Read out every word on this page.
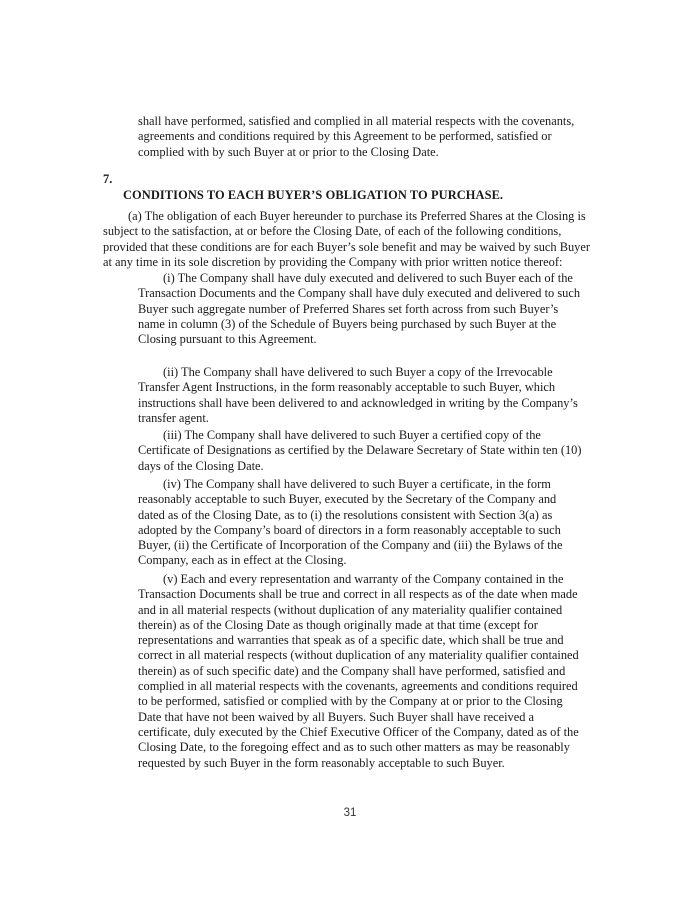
shall have performed, satisfied and complied in all material respects with the covenants, agreements and conditions required by this Agreement to be performed, satisfied or complied with by such Buyer at or prior to the Closing Date.

7.
CONDITIONS TO EACH BUYER’S OBLIGATION TO PURCHASE.

(a) The obligation of each Buyer hereunder to purchase its Preferred Shares at the Closing is subject to the satisfaction, at or before the Closing Date, of each of the following conditions, provided that these conditions are for each Buyer’s sole benefit and may be waived by such Buyer at any time in its sole discretion by providing the Company with prior written notice thereof:

(i) The Company shall have duly executed and delivered to such Buyer each of the Transaction Documents and the Company shall have duly executed and delivered to such Buyer such aggregate number of Preferred Shares set forth across from such Buyer’s name in column (3) of the Schedule of Buyers being purchased by such Buyer at the Closing pursuant to this Agreement.

(ii) The Company shall have delivered to such Buyer a copy of the Irrevocable Transfer Agent Instructions, in the form reasonably acceptable to such Buyer, which instructions shall have been delivered to and acknowledged in writing by the Company’s transfer agent.

(iii) The Company shall have delivered to such Buyer a certified copy of the Certificate of Designations as certified by the Delaware Secretary of State within ten (10) days of the Closing Date.

(iv) The Company shall have delivered to such Buyer a certificate, in the form reasonably acceptable to such Buyer, executed by the Secretary of the Company and dated as of the Closing Date, as to (i) the resolutions consistent with Section 3(a) as adopted by the Company’s board of directors in a form reasonably acceptable to such Buyer, (ii) the Certificate of Incorporation of the Company and (iii) the Bylaws of the Company, each as in effect at the Closing.

(v) Each and every representation and warranty of the Company contained in the Transaction Documents shall be true and correct in all respects as of the date when made and in all material respects (without duplication of any materiality qualifier contained therein) as of the Closing Date as though originally made at that time (except for representations and warranties that speak as of a specific date, which shall be true and correct in all material respects (without duplication of any materiality qualifier contained therein) as of such specific date) and the Company shall have performed, satisfied and complied in all material respects with the covenants, agreements and conditions required to be performed, satisfied or complied with by the Company at or prior to the Closing Date that have not been waived by all Buyers. Such Buyer shall have received a certificate, duly executed by the Chief Executive Officer of the Company, dated as of the Closing Date, to the foregoing effect and as to such other matters as may be reasonably requested by such Buyer in the form reasonably acceptable to such Buyer.

31
